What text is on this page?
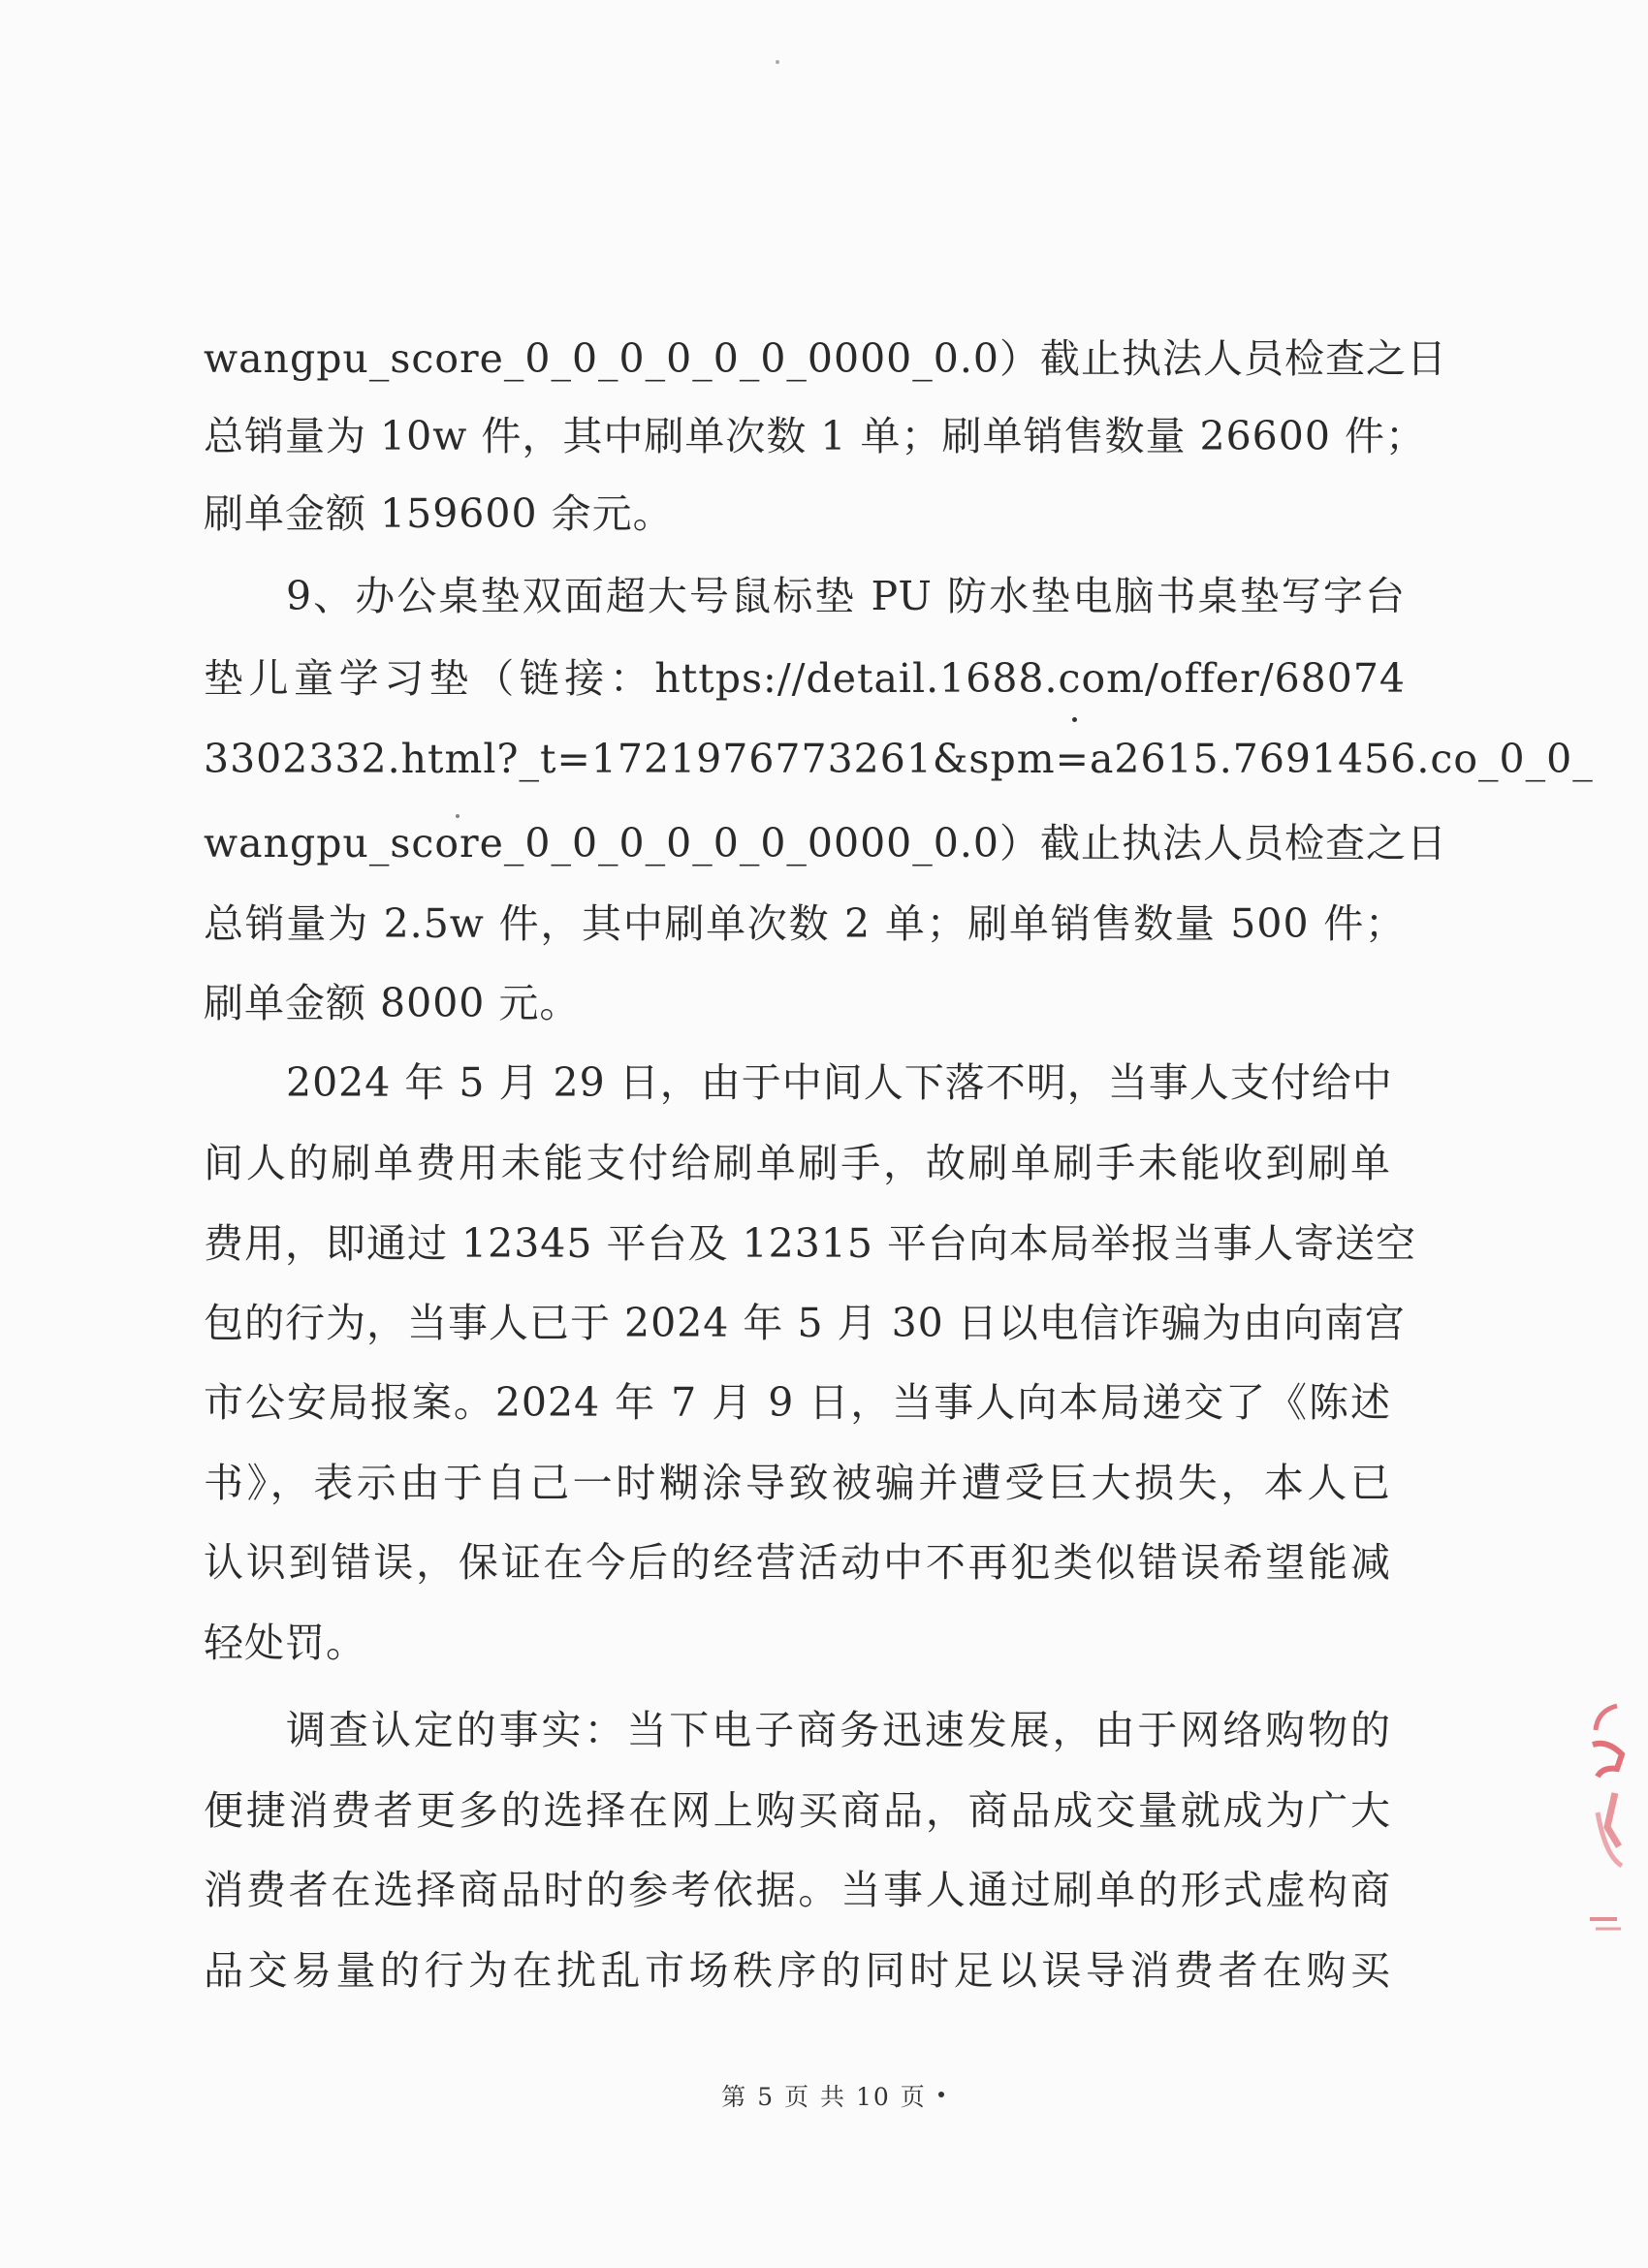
wangpu_score_0_0_0_0_0_0_0000_0.0）截止执法人员检查之日
总销量为 10w 件，其中刷单次数 1 单；刷单销售数量 26600 件；
刷单金额 159600 余元。
9、办公桌垫双面超大号鼠标垫 PU 防水垫电脑书桌垫写字台
垫儿童学习垫（链接：https://detail.1688.com/offer/68074
3302332.html?_t=1721976773261&spm=a2615.7691456.co_0_0_
wangpu_score_0_0_0_0_0_0_0000_0.0）截止执法人员检查之日
总销量为 2.5w 件，其中刷单次数 2 单；刷单销售数量 500 件；
刷单金额 8000 元。
2024 年 5 月 29 日，由于中间人下落不明，当事人支付给中
间人的刷单费用未能支付给刷单刷手，故刷单刷手未能收到刷单
费用，即通过 12345 平台及 12315 平台向本局举报当事人寄送空
包的行为，当事人已于 2024 年 5 月 30 日以电信诈骗为由向南宫
市公安局报案。2024 年 7 月 9 日，当事人向本局递交了《陈述
书》，表示由于自己一时糊涂导致被骗并遭受巨大损失，本人已
认识到错误，保证在今后的经营活动中不再犯类似错误希望能减
轻处罚。
调查认定的事实：当下电子商务迅速发展，由于网络购物的
便捷消费者更多的选择在网上购买商品，商品成交量就成为广大
消费者在选择商品时的参考依据。当事人通过刷单的形式虚构商
品交易量的行为在扰乱市场秩序的同时足以误导消费者在购买
第 5 页 共 10 页
